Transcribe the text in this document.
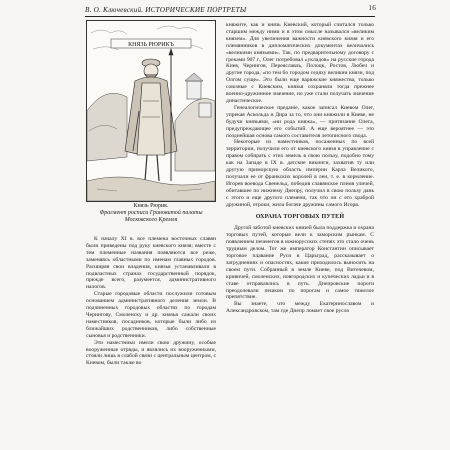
В. О. Ключевский. ИСТОРИЧЕСКИЕ ПОРТРЕТЫ	16
КНЯЗЬ РЮРИКЪ
Князь Рюрик.
Фрагмент росписи Грановитой палаты Московского Кремля

К началу XI в. все племена восточных славян были приведены под руку киевского князя; вместе с тем племенные названия появляются все реже, заменяясь областными по именам главных городов. Расширяя свои владения, князья устанавливали в подвластных странах государственный порядок, прежде всего, разумеется, административного налогов.

Старые городовые области послужили готовым основанием административного деления земли. В подчиненных городовых областях по городам Чернигову, Смоленску и др. князья сажали своих наместников, посадников, которые были либо из ближайших родственников, либо собственные сыновья и родственники.

Эти наместники имели свою дружину, особые вооруженные отряды, и являлись их вооруженными, стояли лишь в слабой связи с центральным центром, с Киевом, были также во

княжите, как и князь Киевский, который считался только старшим между ними и в этом смысле назывался «великим князем». Для увеличения важности киевского князя и его племянников в дипломатических документах величались «великими князьями». Так, по предварительному договору с греками 907 г., Олег потребовал «укладов» на русские города Киев, Чернигов, Переяславль, Полоцк, Ростов, Любеч и другие города, «по тем бо городом седяху великии князи, под Олгом суще». Это были еще варяжские княжества, только союзные с Киевским, князья сохраняли тогда прежнее военно-дружинное значение, но уже стали получать значение династическое.

Генеалогическое преданіе, какое записал Киевом Олег, упрекая Аскольда и Дира за то, что они княжили в Киеве, не будучи князьями, «ни рода княжа», — притязание Олега, предупреждающее его событий. А еще вероятнее — это позднейшая основа самого составителя летописного свода.

Некоторые из наместников, посаженных по всей территории, получили его от киевского князя в управление с правом собирать с этих земель в свою пользу, подобно тому как на Западе в IX в. датские викинги, захватив ту или другую приморскую область империи Карла Великого, получали ее от франкских королей в лен, т. е. в кормление. Игорев воевода Свенельд, победив славянское племя уличей, обитавшее по нижнему Днепру, получил в свою пользу дань с этого и еще другого племени, так что он с его храброй дружиной, отроки, жила богаче дружины самого Игоря.

ОХРАНА ТОРГОВЫХ ПУТЕЙ

Другой заботой киевских князей была поддержка и охрана торговых путей, которые вели к заморским рынкам. С появлением печенегов в южнорусских степях это стало очень трудным делом. Тот же император Константин описывает торговое плавание Руси в Царьград, рассказывает о затруднениях и опасностях, какие приходилось выносить на своем пути. Собранный в земле Киеве, под Витечевом, кривичей, смоленских, новгородских и купеческих ладьи и в ставе отправлялись в путь. Днепровские пороги преодолевали пешком по порогам и самое тяжелое препятствие.

Вы знаете, что между Екатеринославом и Александровском, там где Днепр ломает свое русло
